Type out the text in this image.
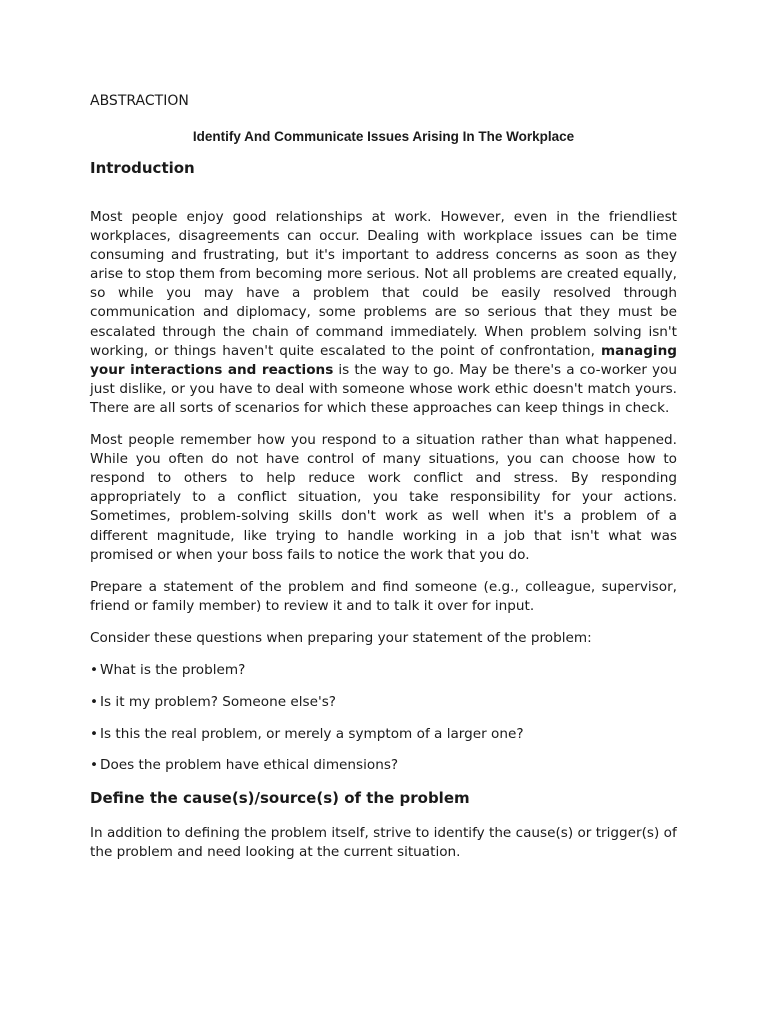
ABSTRACTION
Identify And Communicate Issues Arising In The Workplace
Introduction

Most people enjoy good relationships at work. However, even in the friendliest workplaces, disagreements can occur. Dealing with workplace issues can be time consuming and frustrating, but it's important to address concerns as soon as they arise to stop them from becoming more serious. Not all problems are created equally, so while you may have a problem that could be easily resolved through communication and diplomacy, some problems are so serious that they must be escalated through the chain of command immediately. When problem solving isn't working, or things haven't quite escalated to the point of confrontation, managing your interactions and reactions is the way to go. May be there's a co-worker you just dislike, or you have to deal with someone whose work ethic doesn't match yours. There are all sorts of scenarios for which these approaches can keep things in check.

Most people remember how you respond to a situation rather than what happened. While you often do not have control of many situations, you can choose how to respond to others to help reduce work conflict and stress. By responding appropriately to a conflict situation, you take responsibility for your actions. Sometimes, problem-solving skills don't work as well when it's a problem of a different magnitude, like trying to handle working in a job that isn't what was promised or when your boss fails to notice the work that you do.

Prepare a statement of the problem and find someone (e.g., colleague, supervisor, friend or family member) to review it and to talk it over for input.

Consider these questions when preparing your statement of the problem:

• What is the problem?
• Is it my problem? Someone else's?
• Is this the real problem, or merely a symptom of a larger one?
• Does the problem have ethical dimensions?
Define the cause(s)/source(s) of the problem

In addition to defining the problem itself, strive to identify the cause(s) or trigger(s) of the problem and need looking at the current situation.
